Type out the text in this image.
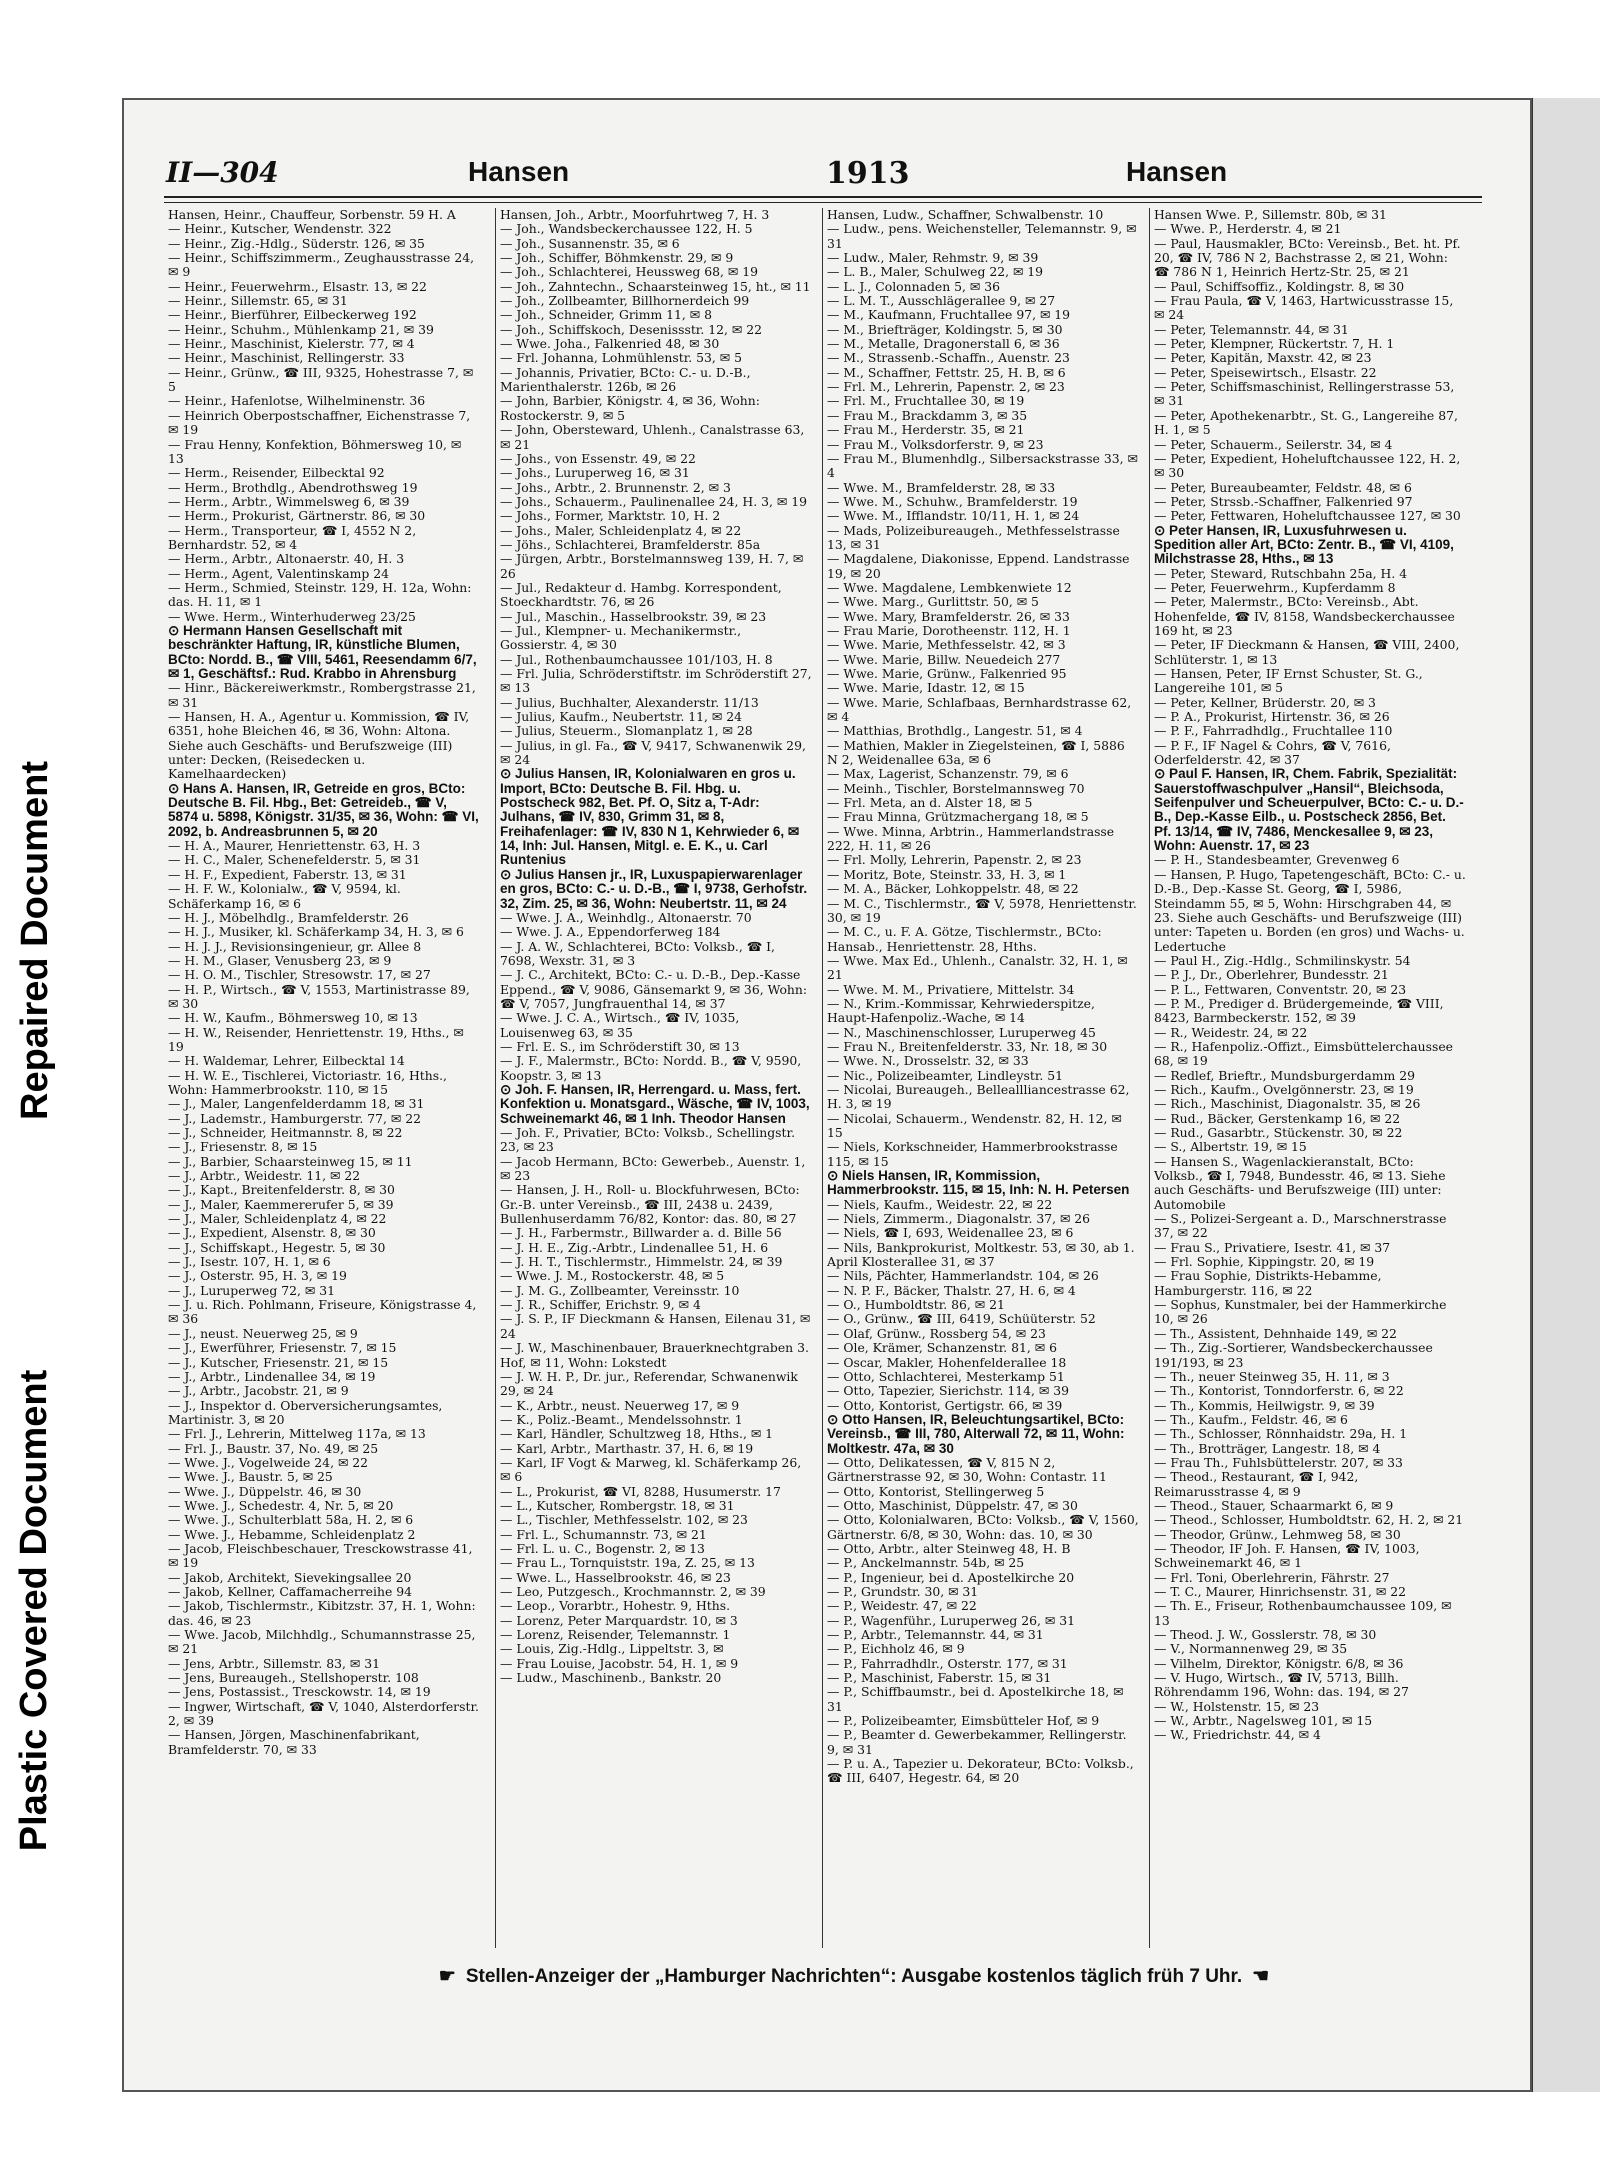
Repaired Document
Plastic Covered Document
II—304	Hansen	1913	Hansen
Hansen, Heinr., Chauffeur, Sorbenstr. 59 H. A
— Heinr., Kutscher, Wendenstr. 322
— Heinr., Zig.-Hdlg., Süderstr. 126, ✉ 35
— Heinr., Schiffszimmerm., Zeughausstrasse 24, ✉ 9
— Heinr., Feuerwehrm., Elsastr. 13, ✉ 22
— Heinr., Sillemstr. 65, ✉ 31
— Heinr., Bierführer, Eilbeckerweg 192
— Heinr., Schuhm., Mühlenkamp 21, ✉ 39
— Heinr., Maschinist, Kielerstr. 77, ✉ 4
— Heinr., Maschinist, Rellingerstr. 33
— Heinr., Grünw., ☎ III, 9325, Hohestrasse 7, ✉ 5
— Heinr., Hafenlotse, Wilhelminenstr. 36
— Heinrich Oberpostschaffner, Eichenstrasse 7, ✉ 19
— Frau Henny, Konfektion, Böhmersweg 10, ✉ 13
— Herm., Reisender, Eilbecktal 92
— Herm., Brothdlg., Abendrothsweg 19
— Herm., Arbtr., Wimmelsweg 6, ✉ 39
— Herm., Prokurist, Gärtnerstr. 86, ✉ 30
— Herm., Transporteur, ☎ I, 4552 N 2, Bernhardstr. 52, ✉ 4
— Herm., Arbtr., Altonaerstr. 40, H. 3
— Herm., Agent, Valentinskamp 24
— Herm., Schmied, Steinstr. 129, H. 12a, Wohn: das. H. 11, ✉ 1
— Wwe. Herm., Winterhuderweg 23/25
⊙ Hermann Hansen Gesellschaft mit beschränkter Haftung, IR, künstliche Blumen, BCto: Nordd. B., ☎ VIII, 5461, Reesendamm 6/7, ✉ 1, Geschäftsf.: Rud. Krabbo in Ahrensburg
— Hinr., Bäckereiwerkmstr., Rombergstrasse 21, ✉ 31
— Hansen, H. A., Agentur u. Kommission, ☎ IV, 6351, hohe Bleichen 46, ✉ 36, Wohn: Altona. Siehe auch Geschäfts- und Berufszweige (III) unter: Decken, (Reisedecken u. Kamelhaardecken)
⊙ Hans A. Hansen, IR, Getreide en gros, BCto: Deutsche B. Fil. Hbg., Bet: Getreideb., ☎ V, 5874 u. 5898, Königstr. 31/35, ✉ 36, Wohn: ☎ VI, 2092, b. Andreasbrunnen 5, ✉ 20
— H. A., Maurer, Henriettenstr. 63, H. 3
— H. C., Maler, Schenefelderstr. 5, ✉ 31
— H. F., Expedient, Faberstr. 13, ✉ 31
— H. F. W., Kolonialw., ☎ V, 9594, kl. Schäferkamp 16, ✉ 6
— H. J., Möbelhdlg., Bramfelderstr. 26
— H. J., Musiker, kl. Schäferkamp 34, H. 3, ✉ 6
— H. J. J., Revisionsingenieur, gr. Allee 8
— H. M., Glaser, Venusberg 23, ✉ 9
— H. O. M., Tischler, Stresowstr. 17, ✉ 27
— H. P., Wirtsch., ☎ V, 1553, Martinistrasse 89, ✉ 30
— H. W., Kaufm., Böhmersweg 10, ✉ 13
— H. W., Reisender, Henriettenstr. 19, Hths., ✉ 19
— H. Waldemar, Lehrer, Eilbecktal 14
— H. W. E., Tischlerei, Victoriastr. 16, Hths., Wohn: Hammerbrookstr. 110, ✉ 15
— J., Maler, Langenfelderdamm 18, ✉ 31
— J., Lademstr., Hamburgerstr. 77, ✉ 22
— J., Schneider, Heitmannstr. 8, ✉ 22
— J., Friesenstr. 8, ✉ 15
— J., Barbier, Schaarsteinweg 15, ✉ 11
— J., Arbtr., Weidestr. 11, ✉ 22
— J., Kapt., Breitenfelderstr. 8, ✉ 30
— J., Maler, Kaemmererufer 5, ✉ 39
— J., Maler, Schleidenplatz 4, ✉ 22
— J., Expedient, Alsenstr. 8, ✉ 30
— J., Schiffskapt., Hegestr. 5, ✉ 30
— J., Isestr. 107, H. 1, ✉ 6
— J., Osterstr. 95, H. 3, ✉ 19
— J., Luruperweg 72, ✉ 31
— J. u. Rich. Pohlmann, Friseure, Königstrasse 4, ✉ 36
— J., neust. Neuerweg 25, ✉ 9
— J., Ewerführer, Friesenstr. 7, ✉ 15
— J., Kutscher, Friesenstr. 21, ✉ 15
— J., Arbtr., Lindenallee 34, ✉ 19
— J., Arbtr., Jacobstr. 21, ✉ 9
— J., Inspektor d. Oberversicherungsamtes, Martinistr. 3, ✉ 20
— Frl. J., Lehrerin, Mittelweg 117a, ✉ 13
— Frl. J., Baustr. 37, No. 49, ✉ 25
— Wwe. J., Vogelweide 24, ✉ 22
— Wwe. J., Baustr. 5, ✉ 25
— Wwe. J., Düppelstr. 46, ✉ 30
— Wwe. J., Schedestr. 4, Nr. 5, ✉ 20
— Wwe. J., Schulterblatt 58a, H. 2, ✉ 6
— Wwe. J., Hebamme, Schleidenplatz 2
— Jacob, Fleischbeschauer, Tresckowstrasse 41, ✉ 19
— Jakob, Architekt, Sievekingsallee 20
— Jakob, Kellner, Caffamacherreihe 94
— Jakob, Tischlermstr., Kibitzstr. 37, H. 1, Wohn: das. 46, ✉ 23
— Wwe. Jacob, Milchhdlg., Schumannstrasse 25, ✉ 21
— Jens, Arbtr., Sillemstr. 83, ✉ 31
— Jens, Bureaugeh., Stellshoperstr. 108
— Jens, Postassist., Tresckowstr. 14, ✉ 19
— Ingwer, Wirtschaft, ☎ V, 1040, Alsterdorferstr. 2, ✉ 39
— Hansen, Jörgen, Maschinenfabrikant, Bramfelderstr. 70, ✉ 33
Hansen, Joh., Arbtr., Moorfuhrtweg 7, H. 3
— Joh., Wandsbeckerchaussee 122, H. 5
— Joh., Susannenstr. 35, ✉ 6
— Joh., Schiffer, Böhmkenstr. 29, ✉ 9
— Joh., Schlachterei, Heussweg 68, ✉ 19
— Joh., Zahntechn., Schaarsteinweg 15, ht., ✉ 11
— Joh., Zollbeamter, Billhornerdeich 99
— Joh., Schneider, Grimm 11, ✉ 8
— Joh., Schiffskoch, Desenissstr. 12, ✉ 22
— Wwe. Joha., Falkenried 48, ✉ 30
— Frl. Johanna, Lohmühlenstr. 53, ✉ 5
— Johannis, Privatier, BCto: C.- u. D.-B., Marienthalerstr. 126b, ✉ 26
— John, Barbier, Königstr. 4, ✉ 36, Wohn: Rostockerstr. 9, ✉ 5
— John, Obersteward, Uhlenh., Canalstrasse 63, ✉ 21
— Johs., von Essenstr. 49, ✉ 22
— Johs., Luruperweg 16, ✉ 31
— Johs., Arbtr., 2. Brunnenstr. 2, ✉ 3
— Johs., Schauerm., Paulinenallee 24, H. 3, ✉ 19
— Johs., Former, Marktstr. 10, H. 2
— Johs., Maler, Schleidenplatz 4, ✉ 22
— Jöhs., Schlachterei, Bramfelderstr. 85a
— Jürgen, Arbtr., Borstelmannsweg 139, H. 7, ✉ 26
— Jul., Redakteur d. Hambg. Korrespondent, Stoeckhardtstr. 76, ✉ 26
— Jul., Maschin., Hasselbrookstr. 39, ✉ 23
— Jul., Klempner- u. Mechanikermstr., Gossierstr. 4, ✉ 30
— Jul., Rothenbaumchaussee 101/103, H. 8
— Frl. Julia, Schröderstiftstr. im Schröderstift 27, ✉ 13
— Julius, Buchhalter, Alexanderstr. 11/13
— Julius, Kaufm., Neubertstr. 11, ✉ 24
— Julius, Steuerm., Slomanplatz 1, ✉ 28
— Julius, in gl. Fa., ☎ V, 9417, Schwanenwik 29, ✉ 24
⊙ Julius Hansen, IR, Kolonialwaren en gros u. Import, BCto: Deutsche B. Fil. Hbg. u. Postscheck 982, Bet. Pf. O, Sitz a, T-Adr: Julhans, ☎ IV, 830, Grimm 31, ✉ 8, Freihafenlager: ☎ IV, 830 N 1, Kehrwieder 6, ✉ 14, Inh: Jul. Hansen, Mitgl. e. E. K., u. Carl Runtenius
⊙ Julius Hansen jr., IR, Luxuspapierwarenlager en gros, BCto: C.- u. D.-B., ☎ I, 9738, Gerhofstr. 32, Zim. 25, ✉ 36, Wohn: Neubertstr. 11, ✉ 24
— Wwe. J. A., Weinhdlg., Altonaerstr. 70
— Wwe. J. A., Eppendorferweg 184
— J. A. W., Schlachterei, BCto: Volksb., ☎ I, 7698, Wexstr. 31, ✉ 3
— J. C., Architekt, BCto: C.- u. D.-B., Dep.-Kasse Eppend., ☎ V, 9086, Gänsemarkt 9, ✉ 36, Wohn: ☎ V, 7057, Jungfrauenthal 14, ✉ 37
— Wwe. J. C. A., Wirtsch., ☎ IV, 1035, Louisenweg 63, ✉ 35
— Frl. E. S., im Schröderstift 30, ✉ 13
— J. F., Malermstr., BCto: Nordd. B., ☎ V, 9590, Koopstr. 3, ✉ 13
⊙ Joh. F. Hansen, IR, Herrengard. u. Mass, fert. Konfektion u. Monatsgard., Wäsche, ☎ IV, 1003, Schweinemarkt 46, ✉ 1 Inh. Theodor Hansen
— Joh. F., Privatier, BCto: Volksb., Schellingstr. 23, ✉ 23
— Jacob Hermann, BCto: Gewerbeb., Auenstr. 1, ✉ 23
— Hansen, J. H., Roll- u. Blockfuhrwesen, BCto: Gr.-B. unter Vereinsb., ☎ III, 2438 u. 2439, Bullenhuserdamm 76/82, Kontor: das. 80, ✉ 27
— J. H., Farbermstr., Billwarder a. d. Bille 56
— J. H. E., Zig.-Arbtr., Lindenallee 51, H. 6
— J. H. T., Tischlermstr., Himmelstr. 24, ✉ 39
— Wwe. J. M., Rostockerstr. 48, ✉ 5
— J. M. G., Zollbeamter, Vereinsstr. 10
— J. R., Schiffer, Erichstr. 9, ✉ 4
— J. S. P., IF Dieckmann & Hansen, Eilenau 31, ✉ 24
— J. W., Maschinenbauer, Brauerknechtgraben 3. Hof, ✉ 11, Wohn: Lokstedt
— J. W. H. P., Dr. jur., Referendar, Schwanenwik 29, ✉ 24
— K., Arbtr., neust. Neuerweg 17, ✉ 9
— K., Poliz.-Beamt., Mendelssohnstr. 1
— Karl, Händler, Schultzweg 18, Hths., ✉ 1
— Karl, Arbtr., Marthastr. 37, H. 6, ✉ 19
— Karl, IF Vogt & Marweg, kl. Schäferkamp 26, ✉ 6
— L., Prokurist, ☎ VI, 8288, Husumerstr. 17
— L., Kutscher, Rombergstr. 18, ✉ 31
— L., Tischler, Methfesselstr. 102, ✉ 23
— Frl. L., Schumannstr. 73, ✉ 21
— Frl. L. u. C., Bogenstr. 2, ✉ 13
— Frau L., Tornquiststr. 19a, Z. 25, ✉ 13
— Wwe. L., Hasselbrookstr. 46, ✉ 23
— Leo, Putzgesch., Krochmannstr. 2, ✉ 39
— Leop., Vorarbtr., Hohestr. 9, Hths.
— Lorenz, Peter Marquardstr. 10, ✉ 3
— Lorenz, Reisender, Telemannstr. 1
— Louis, Zig.-Hdlg., Lippeltstr. 3, ✉
— Frau Louise, Jacobstr. 54, H. 1, ✉ 9
— Ludw., Maschinenb., Bankstr. 20
Hansen, Ludw., Schaffner, Schwalbenstr. 10
— Ludw., pens. Weichensteller, Telemannstr. 9, ✉ 31
— Ludw., Maler, Rehmstr. 9, ✉ 39
— L. B., Maler, Schulweg 22, ✉ 19
— L. J., Colonnaden 5, ✉ 36
— L. M. T., Ausschlägerallee 9, ✉ 27
— M., Kaufmann, Fruchtallee 97, ✉ 19
— M., Briefträger, Koldingstr. 5, ✉ 30
— M., Metalle, Dragonerstall 6, ✉ 36
— M., Strassenb.-Schaffn., Auenstr. 23
— M., Schaffner, Fettstr. 25, H. B, ✉ 6
— Frl. M., Lehrerin, Papenstr. 2, ✉ 23
— Frl. M., Fruchtallee 30, ✉ 19
— Frau M., Brackdamm 3, ✉ 35
— Frau M., Herderstr. 35, ✉ 21
— Frau M., Volksdorferstr. 9, ✉ 23
— Frau M., Blumenhdlg., Silbersackstrasse 33, ✉ 4
— Wwe. M., Bramfelderstr. 28, ✉ 33
— Wwe. M., Schuhw., Bramfelderstr. 19
— Wwe. M., Ifflandstr. 10/11, H. 1, ✉ 24
— Mads, Polizeibureaugeh., Methfesselstrasse 13, ✉ 31
— Magdalene, Diakonisse, Eppend. Landstrasse 19, ✉ 20
— Wwe. Magdalene, Lembkenwiete 12
— Wwe. Marg., Gurlittstr. 50, ✉ 5
— Wwe. Mary, Bramfelderstr. 26, ✉ 33
— Frau Marie, Dorotheenstr. 112, H. 1
— Wwe. Marie, Methfesselstr. 42, ✉ 3
— Wwe. Marie, Billw. Neuedeich 277
— Wwe. Marie, Grünw., Falkenried 95
— Wwe. Marie, Idastr. 12, ✉ 15
— Wwe. Marie, Schlafbaas, Bernhardstrasse 62, ✉ 4
— Matthias, Brothdlg., Langestr. 51, ✉ 4
— Mathien, Makler in Ziegelsteinen, ☎ I, 5886 N 2, Weidenallee 63a, ✉ 6
— Max, Lagerist, Schanzenstr. 79, ✉ 6
— Meinh., Tischler, Borstelmannsweg 70
— Frl. Meta, an d. Alster 18, ✉ 5
— Frau Minna, Grützmachergang 18, ✉ 5
— Wwe. Minna, Arbtrin., Hammerlandstrasse 222, H. 11, ✉ 26
— Frl. Molly, Lehrerin, Papenstr. 2, ✉ 23
— Moritz, Bote, Steinstr. 33, H. 3, ✉ 1
— M. A., Bäcker, Lohkoppelstr. 48, ✉ 22
— M. C., Tischlermstr., ☎ V, 5978, Henriettenstr. 30, ✉ 19
— M. C., u. F. A. Götze, Tischlermstr., BCto: Hansab., Henriettenstr. 28, Hths.
— Wwe. Max Ed., Uhlenh., Canalstr. 32, H. 1, ✉ 21
— Wwe. M. M., Privatiere, Mittelstr. 34
— N., Krim.-Kommissar, Kehrwiederspitze, Haupt-Hafenpoliz.-Wache, ✉ 14
— N., Maschinenschlosser, Luruperweg 45
— Frau N., Breitenfelderstr. 33, Nr. 18, ✉ 30
— Wwe. N., Drosselstr. 32, ✉ 33
— Nic., Polizeibeamter, Lindleystr. 51
— Nicolai, Bureaugeh., Belleallliancestrasse 62, H. 3, ✉ 19
— Nicolai, Schauerm., Wendenstr. 82, H. 12, ✉ 15
— Niels, Korkschneider, Hammerbrookstrasse 115, ✉ 15
⊙ Niels Hansen, IR, Kommission, Hammerbrookstr. 115, ✉ 15, Inh: N. H. Petersen
— Niels, Kaufm., Weidestr. 22, ✉ 22
— Niels, Zimmerm., Diagonalstr. 37, ✉ 26
— Niels, ☎ I, 693, Weidenallee 23, ✉ 6
— Nils, Bankprokurist, Moltkestr. 53, ✉ 30, ab 1. April Klosterallee 31, ✉ 37
— Nils, Pächter, Hammerlandstr. 104, ✉ 26
— N. P. F., Bäcker, Thalstr. 27, H. 6, ✉ 4
— O., Humboldtstr. 86, ✉ 21
— O., Grünw., ☎ III, 6419, Schüüterstr. 52
— Olaf, Grünw., Rossberg 54, ✉ 23
— Ole, Krämer, Schanzenstr. 81, ✉ 6
— Oscar, Makler, Hohenfelderallee 18
— Otto, Schlachterei, Mesterkamp 51
— Otto, Tapezier, Sierichstr. 114, ✉ 39
— Otto, Kontorist, Gertigstr. 66, ✉ 39
⊙ Otto Hansen, IR, Beleuchtungsartikel, BCto: Vereinsb., ☎ III, 780, Alterwall 72, ✉ 11, Wohn: Moltkestr. 47a, ✉ 30
— Otto, Delikatessen, ☎ V, 815 N 2, Gärtnerstrasse 92, ✉ 30, Wohn: Contastr. 11
— Otto, Kontorist, Stellingerweg 5
— Otto, Maschinist, Düppelstr. 47, ✉ 30
— Otto, Kolonialwaren, BCto: Volksb., ☎ V, 1560, Gärtnerstr. 6/8, ✉ 30, Wohn: das. 10, ✉ 30
— Otto, Arbtr., alter Steinweg 48, H. B
— P., Anckelmannstr. 54b, ✉ 25
— P., Ingenieur, bei d. Apostelkirche 20
— P., Grundstr. 30, ✉ 31
— P., Weidestr. 47, ✉ 22
— P., Wagenführ., Luruperweg 26, ✉ 31
— P., Arbtr., Telemannstr. 44, ✉ 31
— P., Eichholz 46, ✉ 9
— P., Fahrradhdlr., Osterstr. 177, ✉ 31
— P., Maschinist, Faberstr. 15, ✉ 31
— P., Schiffbaumstr., bei d. Apostelkirche 18, ✉ 31
— P., Polizeibeamter, Eimsbütteler Hof, ✉ 9
— P., Beamter d. Gewerbekammer, Rellingerstr. 9, ✉ 31
— P. u. A., Tapezier u. Dekorateur, BCto: Volksb., ☎ III, 6407, Hegestr. 64, ✉ 20
Hansen Wwe. P., Sillemstr. 80b, ✉ 31
— Wwe. P., Herderstr. 4, ✉ 21
— Paul, Hausmakler, BCto: Vereinsb., Bet. ht. Pf. 20, ☎ IV, 786 N 2, Bachstrasse 2, ✉ 21, Wohn: ☎ 786 N 1, Heinrich Hertz-Str. 25, ✉ 21
— Paul, Schiffsoffiz., Koldingstr. 8, ✉ 30
— Frau Paula, ☎ V, 1463, Hartwicusstrasse 15, ✉ 24
— Peter, Telemannstr. 44, ✉ 31
— Peter, Klempner, Rückertstr. 7, H. 1
— Peter, Kapitän, Maxstr. 42, ✉ 23
— Peter, Speisewirtsch., Elsastr. 22
— Peter, Schiffsmaschinist, Rellingerstrasse 53, ✉ 31
— Peter, Apothekenarbtr., St. G., Langereihe 87, H. 1, ✉ 5
— Peter, Schauerm., Seilerstr. 34, ✉ 4
— Peter, Expedient, Hoheluftchaussee 122, H. 2, ✉ 30
— Peter, Bureaubeamter, Feldstr. 48, ✉ 6
— Peter, Strssb.-Schaffner, Falkenried 97
— Peter, Fettwaren, Hoheluftchaussee 127, ✉ 30
⊙ Peter Hansen, IR, Luxusfuhrwesen u. Spedition aller Art, BCto: Zentr. B., ☎ VI, 4109, Milchstrasse 28, Hths., ✉ 13
— Peter, Steward, Rutschbahn 25a, H. 4
— Peter, Feuerwehrm., Kupferdamm 8
— Peter, Malermstr., BCto: Vereinsb., Abt. Hohenfelde, ☎ IV, 8158, Wandsbeckerchaussee 169 ht, ✉ 23
— Peter, IF Dieckmann & Hansen, ☎ VIII, 2400, Schlüterstr. 1, ✉ 13
— Hansen, Peter, IF Ernst Schuster, St. G., Langereihe 101, ✉ 5
— Peter, Kellner, Brüderstr. 20, ✉ 3
— P. A., Prokurist, Hirtenstr. 36, ✉ 26
— P. F., Fahrradhdlg., Fruchtallee 110
— P. F., IF Nagel & Cohrs, ☎ V, 7616, Oderfelderstr. 42, ✉ 37
⊙ Paul F. Hansen, IR, Chem. Fabrik, Spezialität: Sauerstoffwaschpulver „Hansil“, Bleichsoda, Seifenpulver und Scheuerpulver, BCto: C.- u. D.-B., Dep.-Kasse Eilb., u. Postscheck 2856, Bet. Pf. 13/14, ☎ IV, 7486, Menckesallee 9, ✉ 23, Wohn: Auenstr. 17, ✉ 23
— P. H., Standesbeamter, Grevenweg 6
— Hansen, P. Hugo, Tapetengeschäft, BCto: C.- u. D.-B., Dep.-Kasse St. Georg, ☎ I, 5986, Steindamm 55, ✉ 5, Wohn: Hirschgraben 44, ✉ 23. Siehe auch Geschäfts- und Berufszweige (III) unter: Tapeten u. Borden (en gros) und Wachs- u. Ledertuche
— Paul H., Zig.-Hdlg., Schmilinskystr. 54
— P. J., Dr., Oberlehrer, Bundesstr. 21
— P. L., Fettwaren, Conventstr. 20, ✉ 23
— P. M., Prediger d. Brüdergemeinde, ☎ VIII, 8423, Barmbeckerstr. 152, ✉ 39
— R., Weidestr. 24, ✉ 22
— R., Hafenpoliz.-Offizt., Eimsbüttelerchaussee 68, ✉ 19
— Redlef, Brieftr., Mundsburgerdamm 29
— Rich., Kaufm., Ovelgönnerstr. 23, ✉ 19
— Rich., Maschinist, Diagonalstr. 35, ✉ 26
— Rud., Bäcker, Gerstenkamp 16, ✉ 22
— Rud., Gasarbtr., Stückenstr. 30, ✉ 22
— S., Albertstr. 19, ✉ 15
— Hansen S., Wagenlackieranstalt, BCto: Volksb., ☎ I, 7948, Bundesstr. 46, ✉ 13. Siehe auch Geschäfts- und Berufszweige (III) unter: Automobile
— S., Polizei-Sergeant a. D., Marschnerstrasse 37, ✉ 22
— Frau S., Privatiere, Isestr. 41, ✉ 37
— Frl. Sophie, Kippingstr. 20, ✉ 19
— Frau Sophie, Distrikts-Hebamme, Hamburgerstr. 116, ✉ 22
— Sophus, Kunstmaler, bei der Hammerkirche 10, ✉ 26
— Th., Assistent, Dehnhaide 149, ✉ 22
— Th., Zig.-Sortierer, Wandsbeckerchaussee 191/193, ✉ 23
— Th., neuer Steinweg 35, H. 11, ✉ 3
— Th., Kontorist, Tonndorferstr. 6, ✉ 22
— Th., Kommis, Heilwigstr. 9, ✉ 39
— Th., Kaufm., Feldstr. 46, ✉ 6
— Th., Schlosser, Rönnhaidstr. 29a, H. 1
— Th., Brotträger, Langestr. 18, ✉ 4
— Frau Th., Fuhlsbüttelerstr. 207, ✉ 33
— Theod., Restaurant, ☎ I, 942, Reimarusstrasse 4, ✉ 9
— Theod., Stauer, Schaarmarkt 6, ✉ 9
— Theod., Schlosser, Humboldtstr. 62, H. 2, ✉ 21
— Theodor, Grünw., Lehmweg 58, ✉ 30
— Theodor, IF Joh. F. Hansen, ☎ IV, 1003, Schweinemarkt 46, ✉ 1
— Frl. Toni, Oberlehrerin, Fährstr. 27
— T. C., Maurer, Hinrichsenstr. 31, ✉ 22
— Th. E., Friseur, Rothenbaumchaussee 109, ✉ 13
— Theod. J. W., Gosslerstr. 78, ✉ 30
— V., Normannenweg 29, ✉ 35
— Vilhelm, Direktor, Königstr. 6/8, ✉ 36
— V. Hugo, Wirtsch., ☎ IV, 5713, Billh. Röhrendamm 196, Wohn: das. 194, ✉ 27
— W., Holstenstr. 15, ✉ 23
— W., Arbtr., Nagelsweg 101, ✉ 15
— W., Friedrichstr. 44, ✉ 4
☛ Stellen-Anzeiger der „Hamburger Nachrichten“: Ausgabe kostenlos täglich früh 7 Uhr. ☚
